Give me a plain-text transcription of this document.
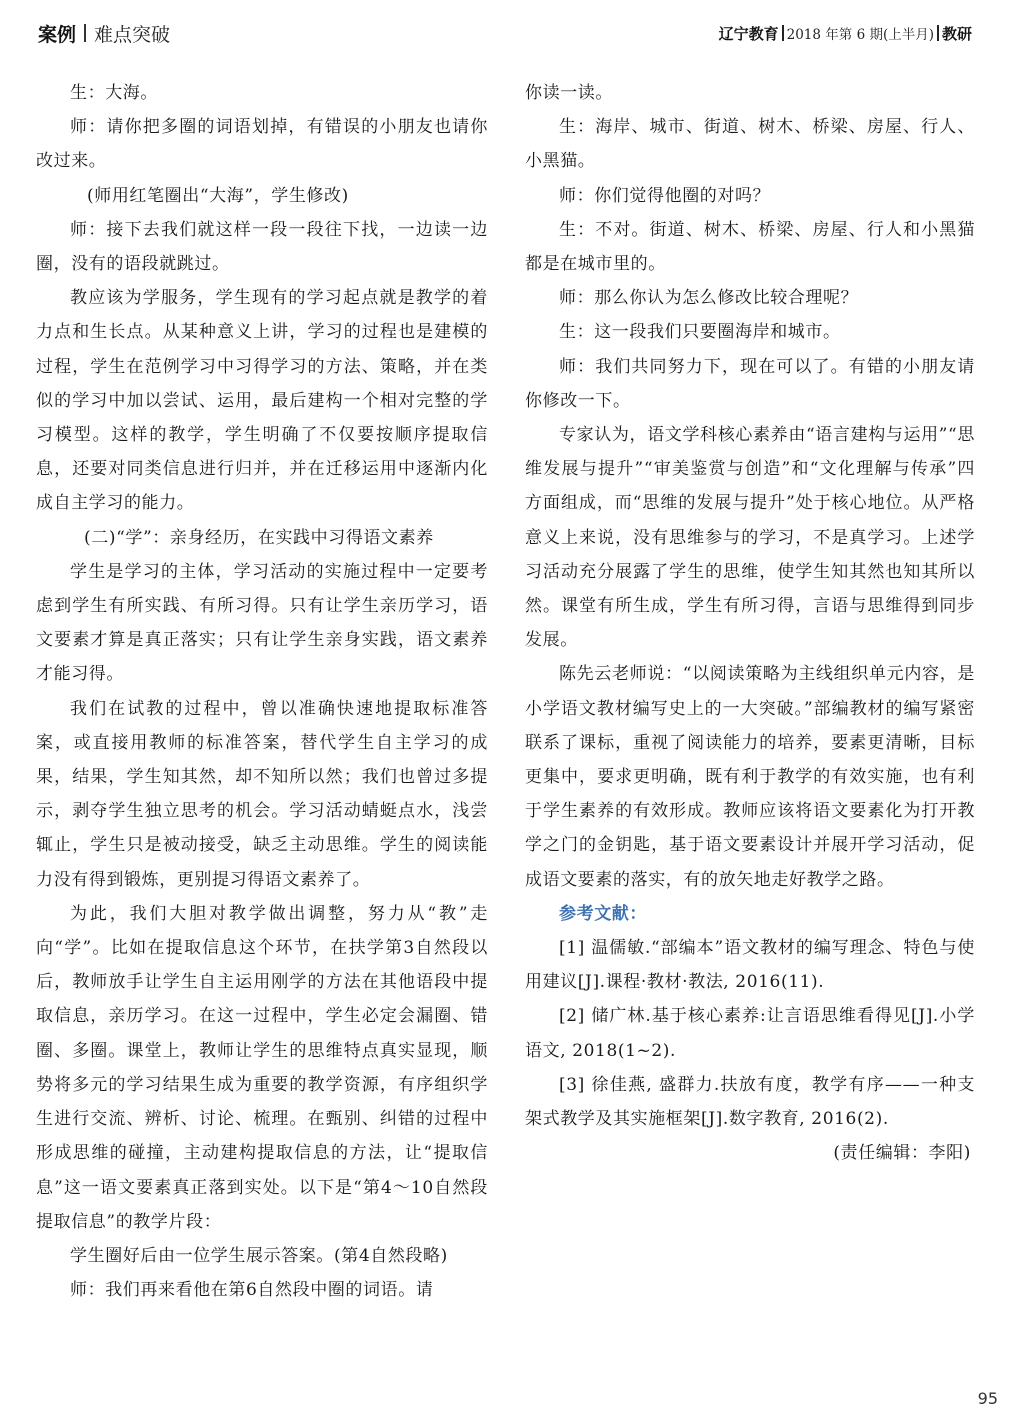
案例 难点突破	辽宁教育 2018 年第 6 期(上半月) 教研

生：大海。

师：请你把多圈的词语划掉，有错误的小朋友也请你改过来。

(师用红笔圈出“大海”，学生修改)

师：接下去我们就这样一段一段往下找，一边读一边圈，没有的语段就跳过。

教应该为学服务，学生现有的学习起点就是教学的着力点和生长点。从某种意义上讲，学习的过程也是建模的过程，学生在范例学习中习得学习的方法、策略，并在类似的学习中加以尝试、运用，最后建构一个相对完整的学习模型。这样的教学，学生明确了不仅要按顺序提取信息，还要对同类信息进行归并，并在迁移运用中逐渐内化成自主学习的能力。

(二)“学”：亲身经历，在实践中习得语文素养

学生是学习的主体，学习活动的实施过程中一定要考虑到学生有所实践、有所习得。只有让学生亲历学习，语文要素才算是真正落实；只有让学生亲身实践，语文素养才能习得。

我们在试教的过程中，曾以准确快速地提取标准答案，或直接用教师的标准答案，替代学生自主学习的成果，结果，学生知其然，却不知所以然；我们也曾过多提示，剥夺学生独立思考的机会。学习活动蜻蜓点水，浅尝辄止，学生只是被动接受，缺乏主动思维。学生的阅读能力没有得到锻炼，更别提习得语文素养了。

为此，我们大胆对教学做出调整，努力从“教”走向“学”。比如在提取信息这个环节，在扶学第3自然段以后，教师放手让学生自主运用刚学的方法在其他语段中提取信息，亲历学习。在这一过程中，学生必定会漏圈、错圈、多圈。课堂上，教师让学生的思维特点真实显现，顺势将多元的学习结果生成为重要的教学资源，有序组织学生进行交流、辨析、讨论、梳理。在甄别、纠错的过程中形成思维的碰撞，主动建构提取信息的方法，让“提取信息”这一语文要素真正落到实处。以下是“第4～10自然段提取信息”的教学片段：

学生圈好后由一位学生展示答案。(第4自然段略)

师：我们再来看他在第6自然段中圈的词语。请

你读一读。

生：海岸、城市、街道、树木、桥梁、房屋、行人、小黑猫。

师：你们觉得他圈的对吗？

生：不对。街道、树木、桥梁、房屋、行人和小黑猫都是在城市里的。

师：那么你认为怎么修改比较合理呢？

生：这一段我们只要圈海岸和城市。

师：我们共同努力下，现在可以了。有错的小朋友请你修改一下。

专家认为，语文学科核心素养由“语言建构与运用”“思维发展与提升”“审美鉴赏与创造”和“文化理解与传承”四方面组成，而“思维的发展与提升”处于核心地位。从严格意义上来说，没有思维参与的学习，不是真学习。上述学习活动充分展露了学生的思维，使学生知其然也知其所以然。课堂有所生成，学生有所习得，言语与思维得到同步发展。

陈先云老师说：“以阅读策略为主线组织单元内容，是小学语文教材编写史上的一大突破。”部编教材的编写紧密联系了课标，重视了阅读能力的培养，要素更清晰，目标更集中，要求更明确，既有利于教学的有效实施，也有利于学生素养的有效形成。教师应该将语文要素化为打开教学之门的金钥匙，基于语文要素设计并展开学习活动，促成语文要素的落实，有的放矢地走好教学之路。

参考文献：

[1] 温儒敏.“部编本”语文教材的编写理念、特色与使用建议[J].课程·教材·教法, 2016(11).

[2] 储广林.基于核心素养:让言语思维看得见[J].小学语文, 2018(1~2).

[3] 徐佳燕, 盛群力.扶放有度，教学有序——一种支架式教学及其实施框架[J].数字教育, 2016(2).

(责任编辑：李阳)

95
